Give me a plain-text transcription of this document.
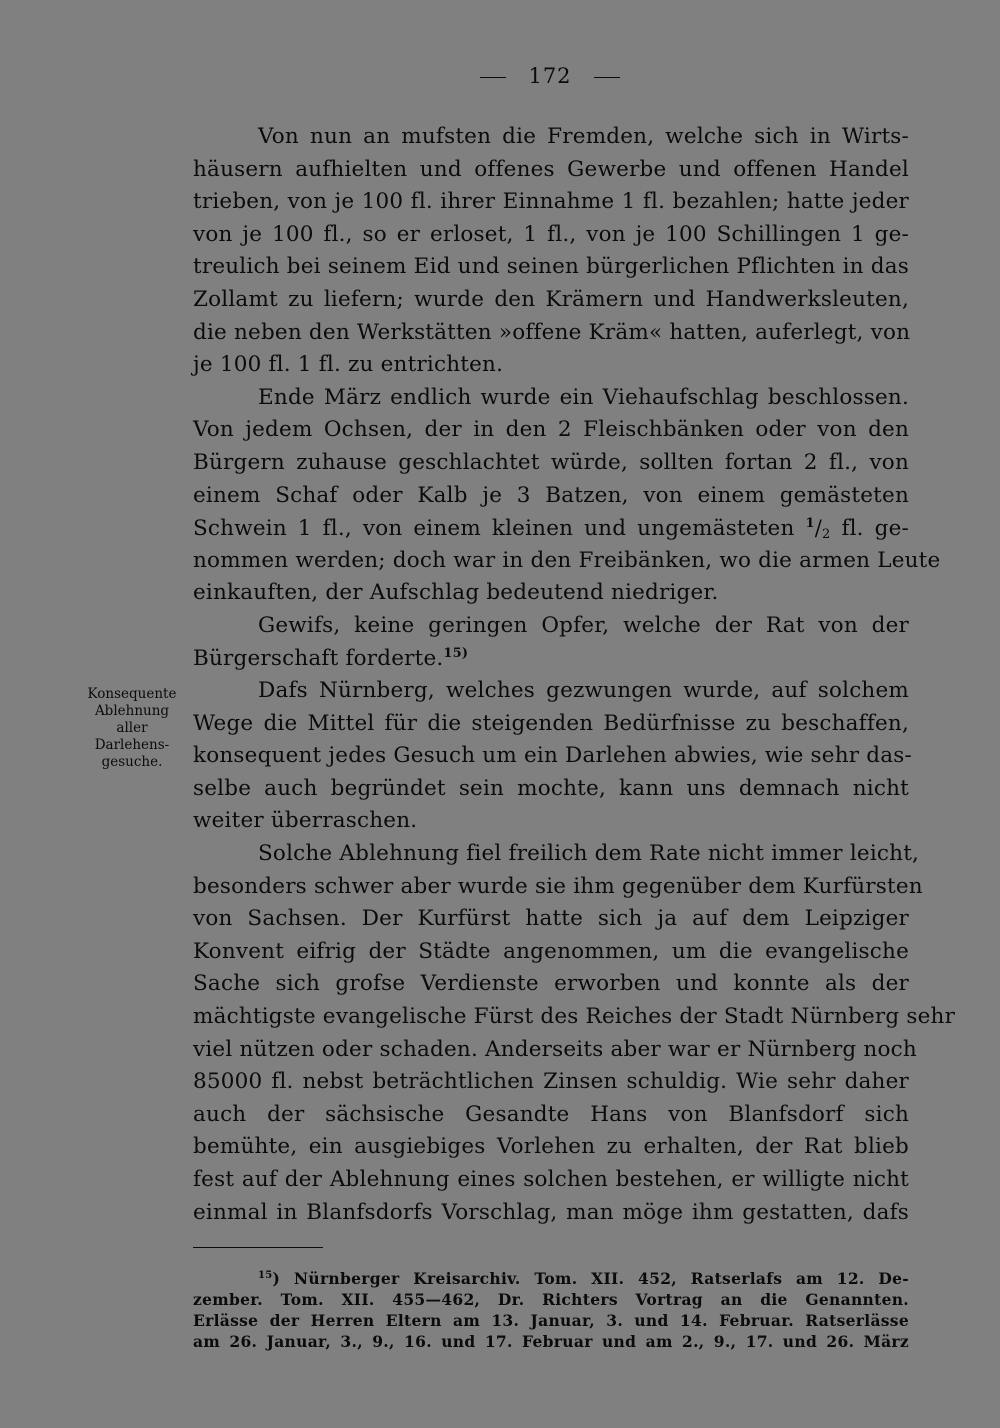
172
Von nun an mufsten die Fremden, welche sich in Wirts-
häusern aufhielten und offenes Gewerbe und offenen Handel
trieben, von je 100 fl. ihrer Einnahme 1 fl. bezahlen; hatte jeder
von je 100 fl., so er erloset, 1 fl., von je 100 Schillingen 1 ge-
treulich bei seinem Eid und seinen bürgerlichen Pflichten in das
Zollamt zu liefern; wurde den Krämern und Handwerksleuten,
die neben den Werkstätten »offene Kräm« hatten, auferlegt, von
je 100 fl. 1 fl. zu entrichten.
Ende März endlich wurde ein Viehaufschlag beschlossen.
Von jedem Ochsen, der in den 2 Fleischbänken oder von den
Bürgern zuhause geschlachtet würde, sollten fortan 2 fl., von
einem Schaf oder Kalb je 3 Batzen, von einem gemästeten
Schwein 1 fl., von einem kleinen und ungemästeten $^1/_2$ fl. ge-
nommen werden; doch war in den Freibänken, wo die armen Leute
einkauften, der Aufschlag bedeutend niedriger.
Gewifs, keine geringen Opfer, welche der Rat von der
Bürgerschaft forderte.$^{15)}$
Dafs Nürnberg, welches gezwungen wurde, auf solchem
Wege die Mittel für die steigenden Bedürfnisse zu beschaffen,
konsequent jedes Gesuch um ein Darlehen abwies, wie sehr das-
selbe auch begründet sein mochte, kann uns demnach nicht
weiter überraschen.
Solche Ablehnung fiel freilich dem Rate nicht immer leicht,
besonders schwer aber wurde sie ihm gegenüber dem Kurfürsten
von Sachsen. Der Kurfürst hatte sich ja auf dem Leipziger
Konvent eifrig der Städte angenommen, um die evangelische
Sache sich grofse Verdienste erworben und konnte als der
mächtigste evangelische Fürst des Reiches der Stadt Nürnberg sehr
viel nützen oder schaden. Anderseits aber war er Nürnberg noch
85000 fl. nebst beträchtlichen Zinsen schuldig. Wie sehr daher
auch der sächsische Gesandte Hans von Blanfsdorf sich
bemühte, ein ausgiebiges Vorlehen zu erhalten, der Rat blieb
fest auf der Ablehnung eines solchen bestehen, er willigte nicht
einmal in Blanfsdorfs Vorschlag, man möge ihm gestatten, dafs
Konsequente
Ablehnung
aller
Darlehens-
gesuche.
$^{15}$) Nürnberger Kreisarchiv. Tom. XII. 452, Ratserlafs am 12. De-
zember. Tom. XII. 455—462, Dr. Richters Vortrag an die Genannten.
Erlässe der Herren Eltern am 13. Januar, 3. und 14. Februar. Ratserlässe
am 26. Januar, 3., 9., 16. und 17. Februar und am 2., 9., 17. und 26. März
